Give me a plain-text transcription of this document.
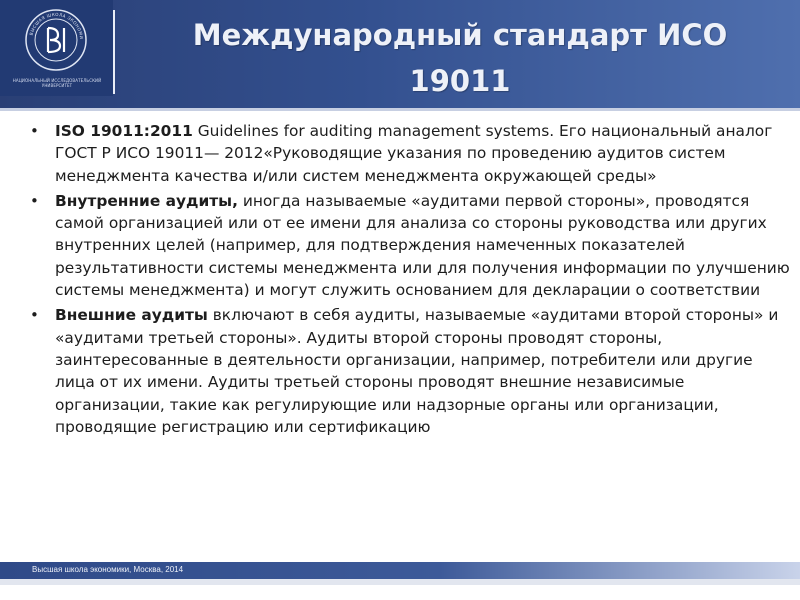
ВЫСШАЯ ШКОЛА ЭКОНОМИ
НАЦИОНАЛЬНЫЙ ИССЛЕДОВАТЕЛЬСКИЙ УНИВЕРСИТЕТ
Международный стандарт ИСО
19011
• ISO 19011:2011 Guidelines for auditing management systems. Его национальный аналог ГОСТ Р ИСО 19011— 2012«Руководящие указания по проведению аудитов систем менеджмента качества и/или систем менеджмента окружающей среды»
• Внутренние аудиты, иногда называемые «аудитами первой стороны», проводятся самой организацией или от ее имени для анализа со стороны руководства или других внутренних целей (например, для подтверждения намеченных показателей результативности системы менеджмента или для получения информации по улучшению системы менеджмента) и могут служить основанием для декларации о соответствии
• Внешние аудиты включают в себя аудиты, называемые «аудитами второй стороны» и «аудитами третьей стороны». Аудиты второй стороны проводят стороны, заинтересованные в деятельности организации, например, потребители или другие лица от их имени. Аудиты третьей стороны проводят внешние независимые организации, такие как регулирующие или надзорные органы или организации, проводящие регистрацию или сертификацию
Высшая школа экономики, Москва, 2014
